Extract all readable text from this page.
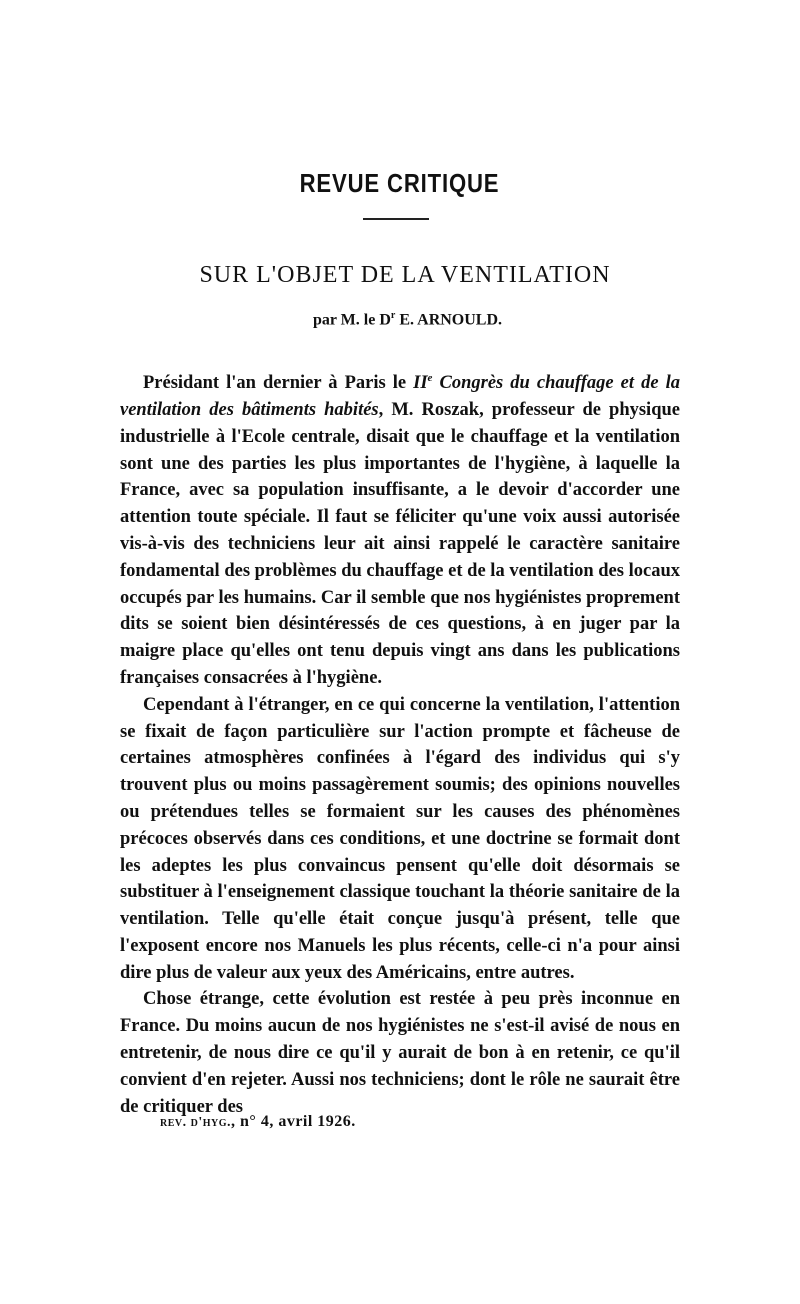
REVUE CRITIQUE
SUR L'OBJET DE LA VENTILATION
par M. le $D^r$ E. ARNOULD.

Présidant l'an dernier à Paris le IIe Congrès du chauffage et de la ventilation des bâtiments habités, M. Roszak, professeur de physique industrielle à l'Ecole centrale, disait que le chauffage et la ventilation sont une des parties les plus importantes de l'hygiène, à laquelle la France, avec sa population insuffisante, a le devoir d'accorder une attention toute spéciale. Il faut se féliciter qu'une voix aussi autorisée vis-à-vis des techniciens leur ait ainsi rappelé le caractère sanitaire fondamental des problèmes du chauffage et de la ventilation des locaux occupés par les humains. Car il semble que nos hygiénistes proprement dits se soient bien désintéressés de ces questions, à en juger par la maigre place qu'elles ont tenu depuis vingt ans dans les publications françaises consacrées à l'hygiène.

Cependant à l'étranger, en ce qui concerne la ventilation, l'attention se fixait de façon particulière sur l'action prompte et fâcheuse de certaines atmosphères confinées à l'égard des individus qui s'y trouvent plus ou moins passagèrement soumis; des opinions nouvelles ou prétendues telles se formaient sur les causes des phénomènes précoces observés dans ces conditions, et une doctrine se formait dont les adeptes les plus convaincus pensent qu'elle doit désormais se substituer à l'enseignement classique touchant la théorie sanitaire de la ventilation. Telle qu'elle était conçue jusqu'à présent, telle que l'exposent encore nos Manuels les plus récents, celle-ci n'a pour ainsi dire plus de valeur aux yeux des Américains, entre autres.

Chose étrange, cette évolution est restée à peu près inconnue en France. Du moins aucun de nos hygiénistes ne s'est-il avisé de nous en entretenir, de nous dire ce qu'il y aurait de bon à en retenir, ce qu'il convient d'en rejeter. Aussi nos techniciens; dont le rôle ne saurait être de critiquer des

rev. d'hyg., n° 4, avril 1926.
